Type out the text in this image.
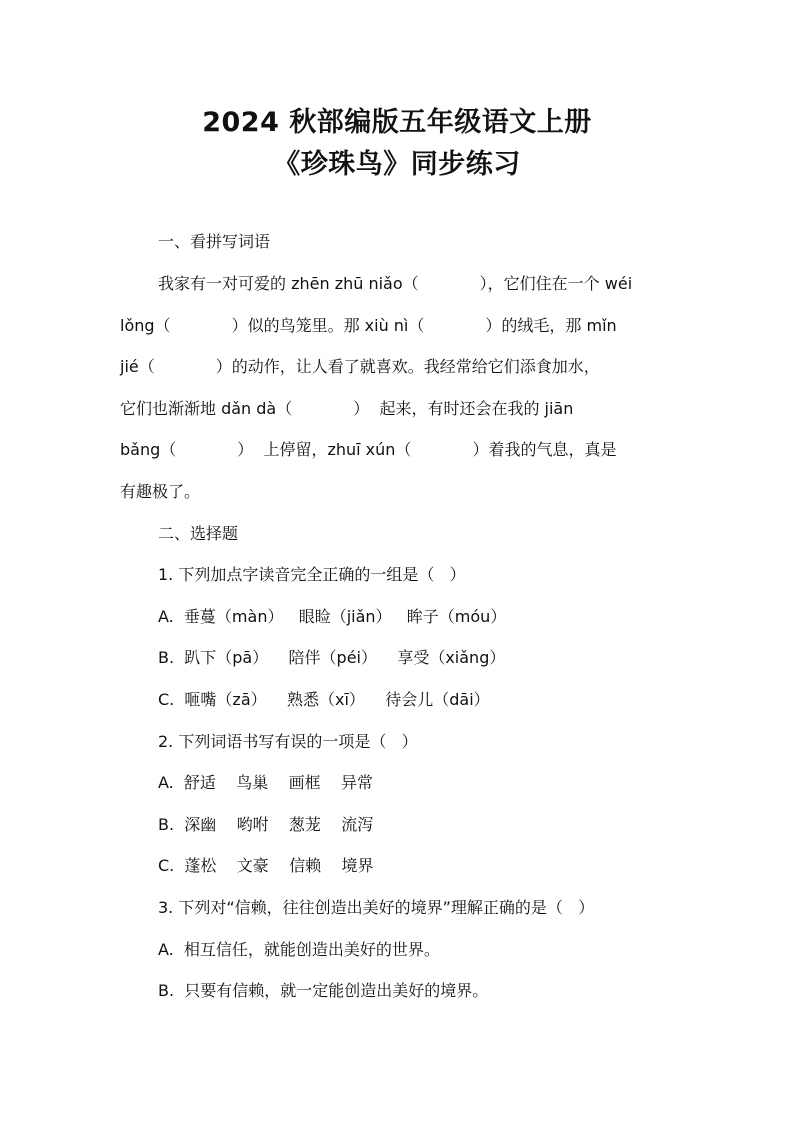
2024 秋部编版五年级语文上册
《珍珠鸟》同步练习

一、看拼写词语

我家有一对可爱的 zhēn zhū niǎo（            ），它们住在一个 wéi

lǒng（            ）似的鸟笼里。那 xiù nì（            ）的绒毛，那 mǐn

jié（            ）的动作，让人看了就喜欢。我经常给它们添食加水，

它们也渐渐地 dǎn dà（            ）  起来，有时还会在我的 jiān

bǎng（            ）  上停留，zhuī xún（            ）着我的气息，真是

有趣极了。

二、选择题

1. 下列加点字读音完全正确的一组是（   ）

A.  垂蔓（màn）   眼睑（jiǎn）   眸子（móu）

B.  趴下（pā）    陪伴（péi）    享受（xiǎng）

C.  咂嘴（zā）    熟悉（xī）    待会儿（dāi）

2. 下列词语书写有误的一项是（   ）

A.  舒适    鸟巢    画框    异常

B.  深幽    哟咐    葱茏    流泻

C.  蓬松    文豪    信赖    境界

3. 下列对“信赖，往往创造出美好的境界”理解正确的是（   ）

A.  相互信任，就能创造出美好的世界。

B.  只要有信赖，就一定能创造出美好的境界。
